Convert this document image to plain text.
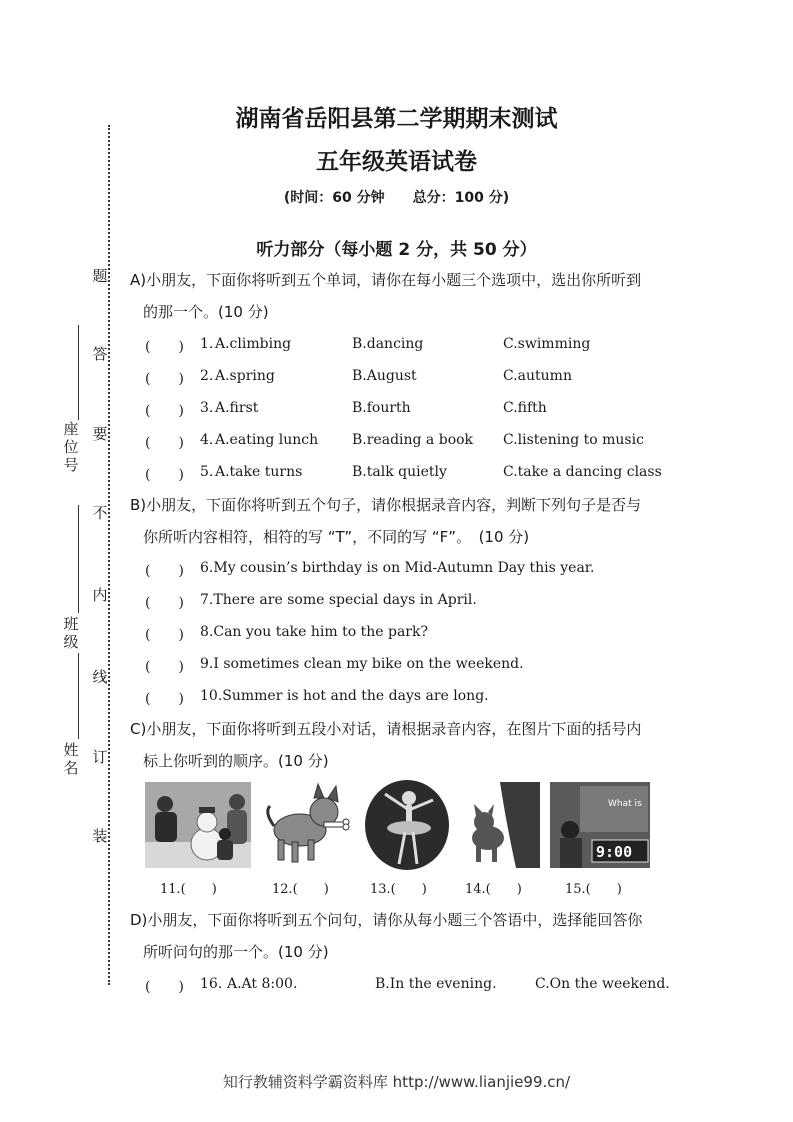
题
答
要
不
内
线
订
装
座位号
班级
姓名
湖南省岳阳县第二学期期末测试
五年级英语试卷
(时间：60 分钟　　总分：100 分)
听力部分（每小题 2 分，共 50 分）
A)小朋友，下面你将听到五个单词，请你在每小题三个选项中，选出你所听到
的那一个。(10 分)
(　　) 1. A.climbing	B.dancing	C.swimming
(　　) 2. A.spring	B.August	C.autumn
(　　) 3. A.first	B.fourth	C.fifth
(　　) 4. A.eating lunch B.reading a book C.listening to music
(　　) 5. A.take turns	B.talk quietly	C.take a dancing class
B)小朋友，下面你将听到五个句子，请你根据录音内容，判断下列句子是否与
你所听内容相符，相符的写 “T”，不同的写 “F”。　(10 分)
(　　) 6.My cousin’s birthday is on Mid-Autumn Day this year.
(　　) 7.There are some special days in April.
(　　) 8.Can you take him to the park?
(　　) 9.I sometimes clean my bike on the weekend.
(　　) 10.Summer is hot and the days are long.
C)小朋友，下面你将听到五段小对话，请根据录音内容，在图片下面的括号内
标上你听到的顺序。(10 分)
What is
9:00
11.(　　)	12.(　　)	13.(　　)	14.(　　)	15.(　　)
D)小朋友，下面你将听到五个问句，请你从每小题三个答语中，选择能回答你
所听问句的那一个。(10 分)
(　　) 16. A.At 8:00.	B.In the evening.	C.On the weekend.
知行教辅资料学霸资料库 http://www.lianjie99.cn/
